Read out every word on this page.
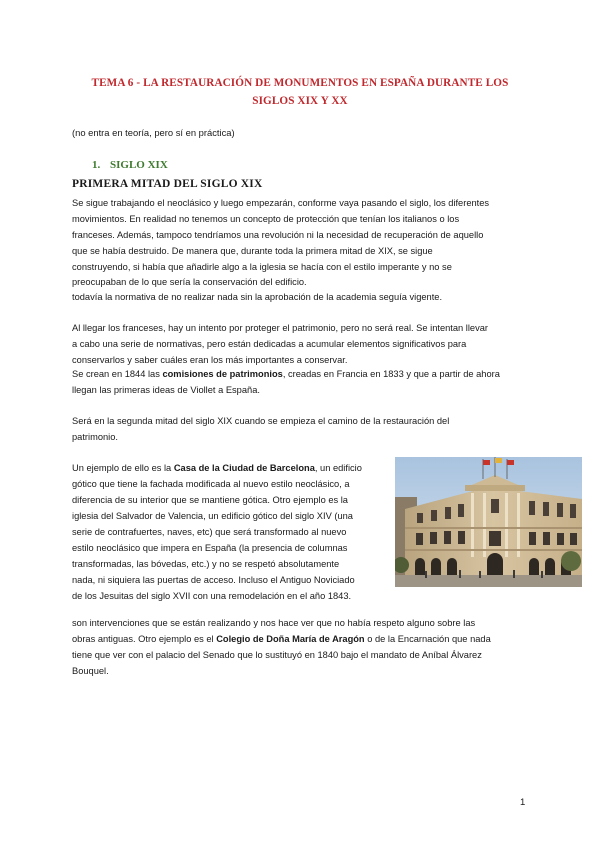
TEMA 6 - LA RESTAURACIÓN DE MONUMENTOS EN ESPAÑA DURANTE LOS
SIGLOS XIX Y XX
(no entra en teoría, pero sí en práctica)
1. SIGLO XIX
PRIMERA MITAD DEL SIGLO XIX
Se sigue trabajando el neoclásico y luego empezarán, conforme vaya pasando el siglo, los diferentes
movimientos. En realidad no tenemos un concepto de protección que tenían los italianos o los
franceses. Además, tampoco tendríamos una revolución ni la necesidad de recuperación de aquello
que se había destruido. De manera que, durante toda la primera mitad de XIX, se sigue
construyendo, si había que añadirle algo a la iglesia se hacía con el estilo imperante y no se
preocupaban de lo que sería la conservación del edificio.
todavía la normativa de no realizar nada sin la aprobación de la academia seguía vigente.
Al llegar los franceses, hay un intento por proteger el patrimonio, pero no será real. Se intentan llevar
a cabo una serie de normativas, pero están dedicadas a acumular elementos significativos para
conservarlos y saber cuáles eran los más importantes a conservar.
Se crean en 1844 las comisiones de patrimonios, creadas en Francia en 1833 y que a partir de ahora
llegan las primeras ideas de Viollet a España.
Será en la segunda mitad del siglo XIX cuando se empieza el camino de la restauración del
patrimonio.
Un ejemplo de ello es la Casa de la Ciudad de Barcelona, un edificio
gótico que tiene la fachada modificada al nuevo estilo neoclásico, a
diferencia de su interior que se mantiene gótica. Otro ejemplo es la
iglesia del Salvador de Valencia, un edificio gótico del siglo XIV (una
serie de contrafuertes, naves, etc) que será transformado al nuevo
estilo neoclásico que impera en España (la presencia de columnas
transformadas, las bóvedas, etc.) y no se respetó absolutamente
nada, ni siquiera las puertas de acceso. Incluso el Antiguo Noviciado
de los Jesuitas del siglo XVII con una remodelación en el año 1843.
son intervenciones que se están realizando y nos hace ver que no había respeto alguno sobre las
obras antiguas. Otro ejemplo es el Colegio de Doña María de Aragón o de la Encarnación que nada
tiene que ver con el palacio del Senado que lo sustituyó en 1840 bajo el mandato de Aníbal Álvarez
Bouquel.
1
